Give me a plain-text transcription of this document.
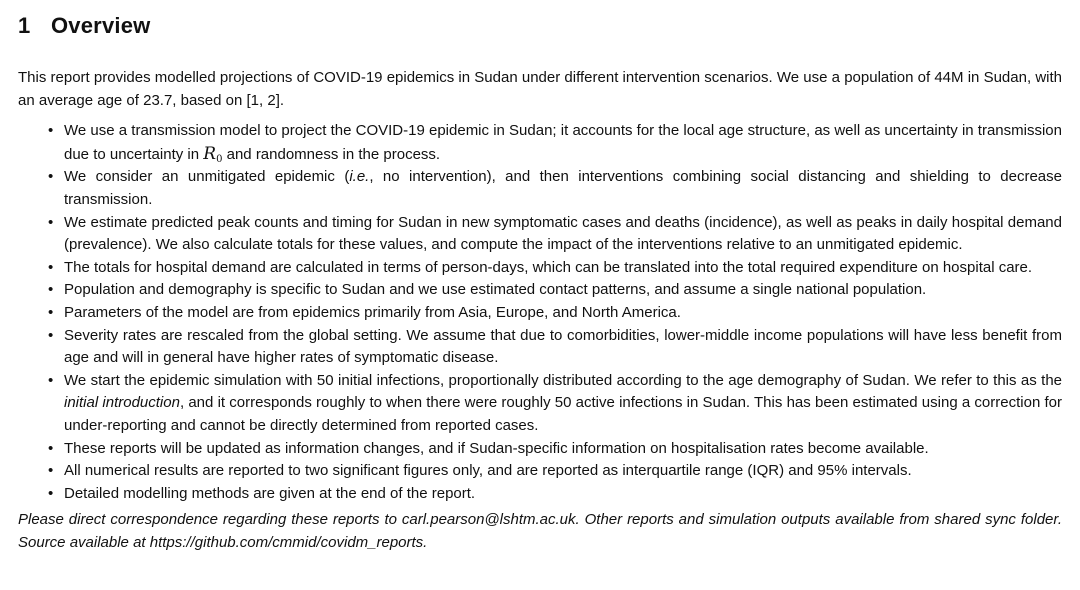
1 Overview

This report provides modelled projections of COVID-19 epidemics in Sudan under different intervention scenarios. We use a population of 44M in Sudan, with an average age of 23.7, based on [1, 2].

• We use a transmission model to project the COVID-19 epidemic in Sudan; it accounts for the local age structure, as well as uncertainty in transmission due to uncertainty in $R_0$ and randomness in the process.
• We consider an unmitigated epidemic (i.e., no intervention), and then interventions combining social distancing and shielding to decrease transmission.
• We estimate predicted peak counts and timing for Sudan in new symptomatic cases and deaths (incidence), as well as peaks in daily hospital demand (prevalence). We also calculate totals for these values, and compute the impact of the interventions relative to an unmitigated epidemic.
• The totals for hospital demand are calculated in terms of person-days, which can be translated into the total required expenditure on hospital care.
• Population and demography is specific to Sudan and we use estimated contact patterns, and assume a single national population.
• Parameters of the model are from epidemics primarily from Asia, Europe, and North America.
• Severity rates are rescaled from the global setting. We assume that due to comorbidities, lower-middle income populations will have less benefit from age and will in general have higher rates of symptomatic disease.
• We start the epidemic simulation with 50 initial infections, proportionally distributed according to the age demography of Sudan. We refer to this as the initial introduction, and it corresponds roughly to when there were roughly 50 active infections in Sudan. This has been estimated using a correction for under-reporting and cannot be directly determined from reported cases.
• These reports will be updated as information changes, and if Sudan-specific information on hospitalisation rates become available.
• All numerical results are reported to two significant figures only, and are reported as interquartile range (IQR) and 95% intervals.
• Detailed modelling methods are given at the end of the report.

Please direct correspondence regarding these reports to carl.pearson@lshtm.ac.uk. Other reports and simulation outputs available from shared sync folder. Source available at https://github.com/cmmid/covidm_reports.
